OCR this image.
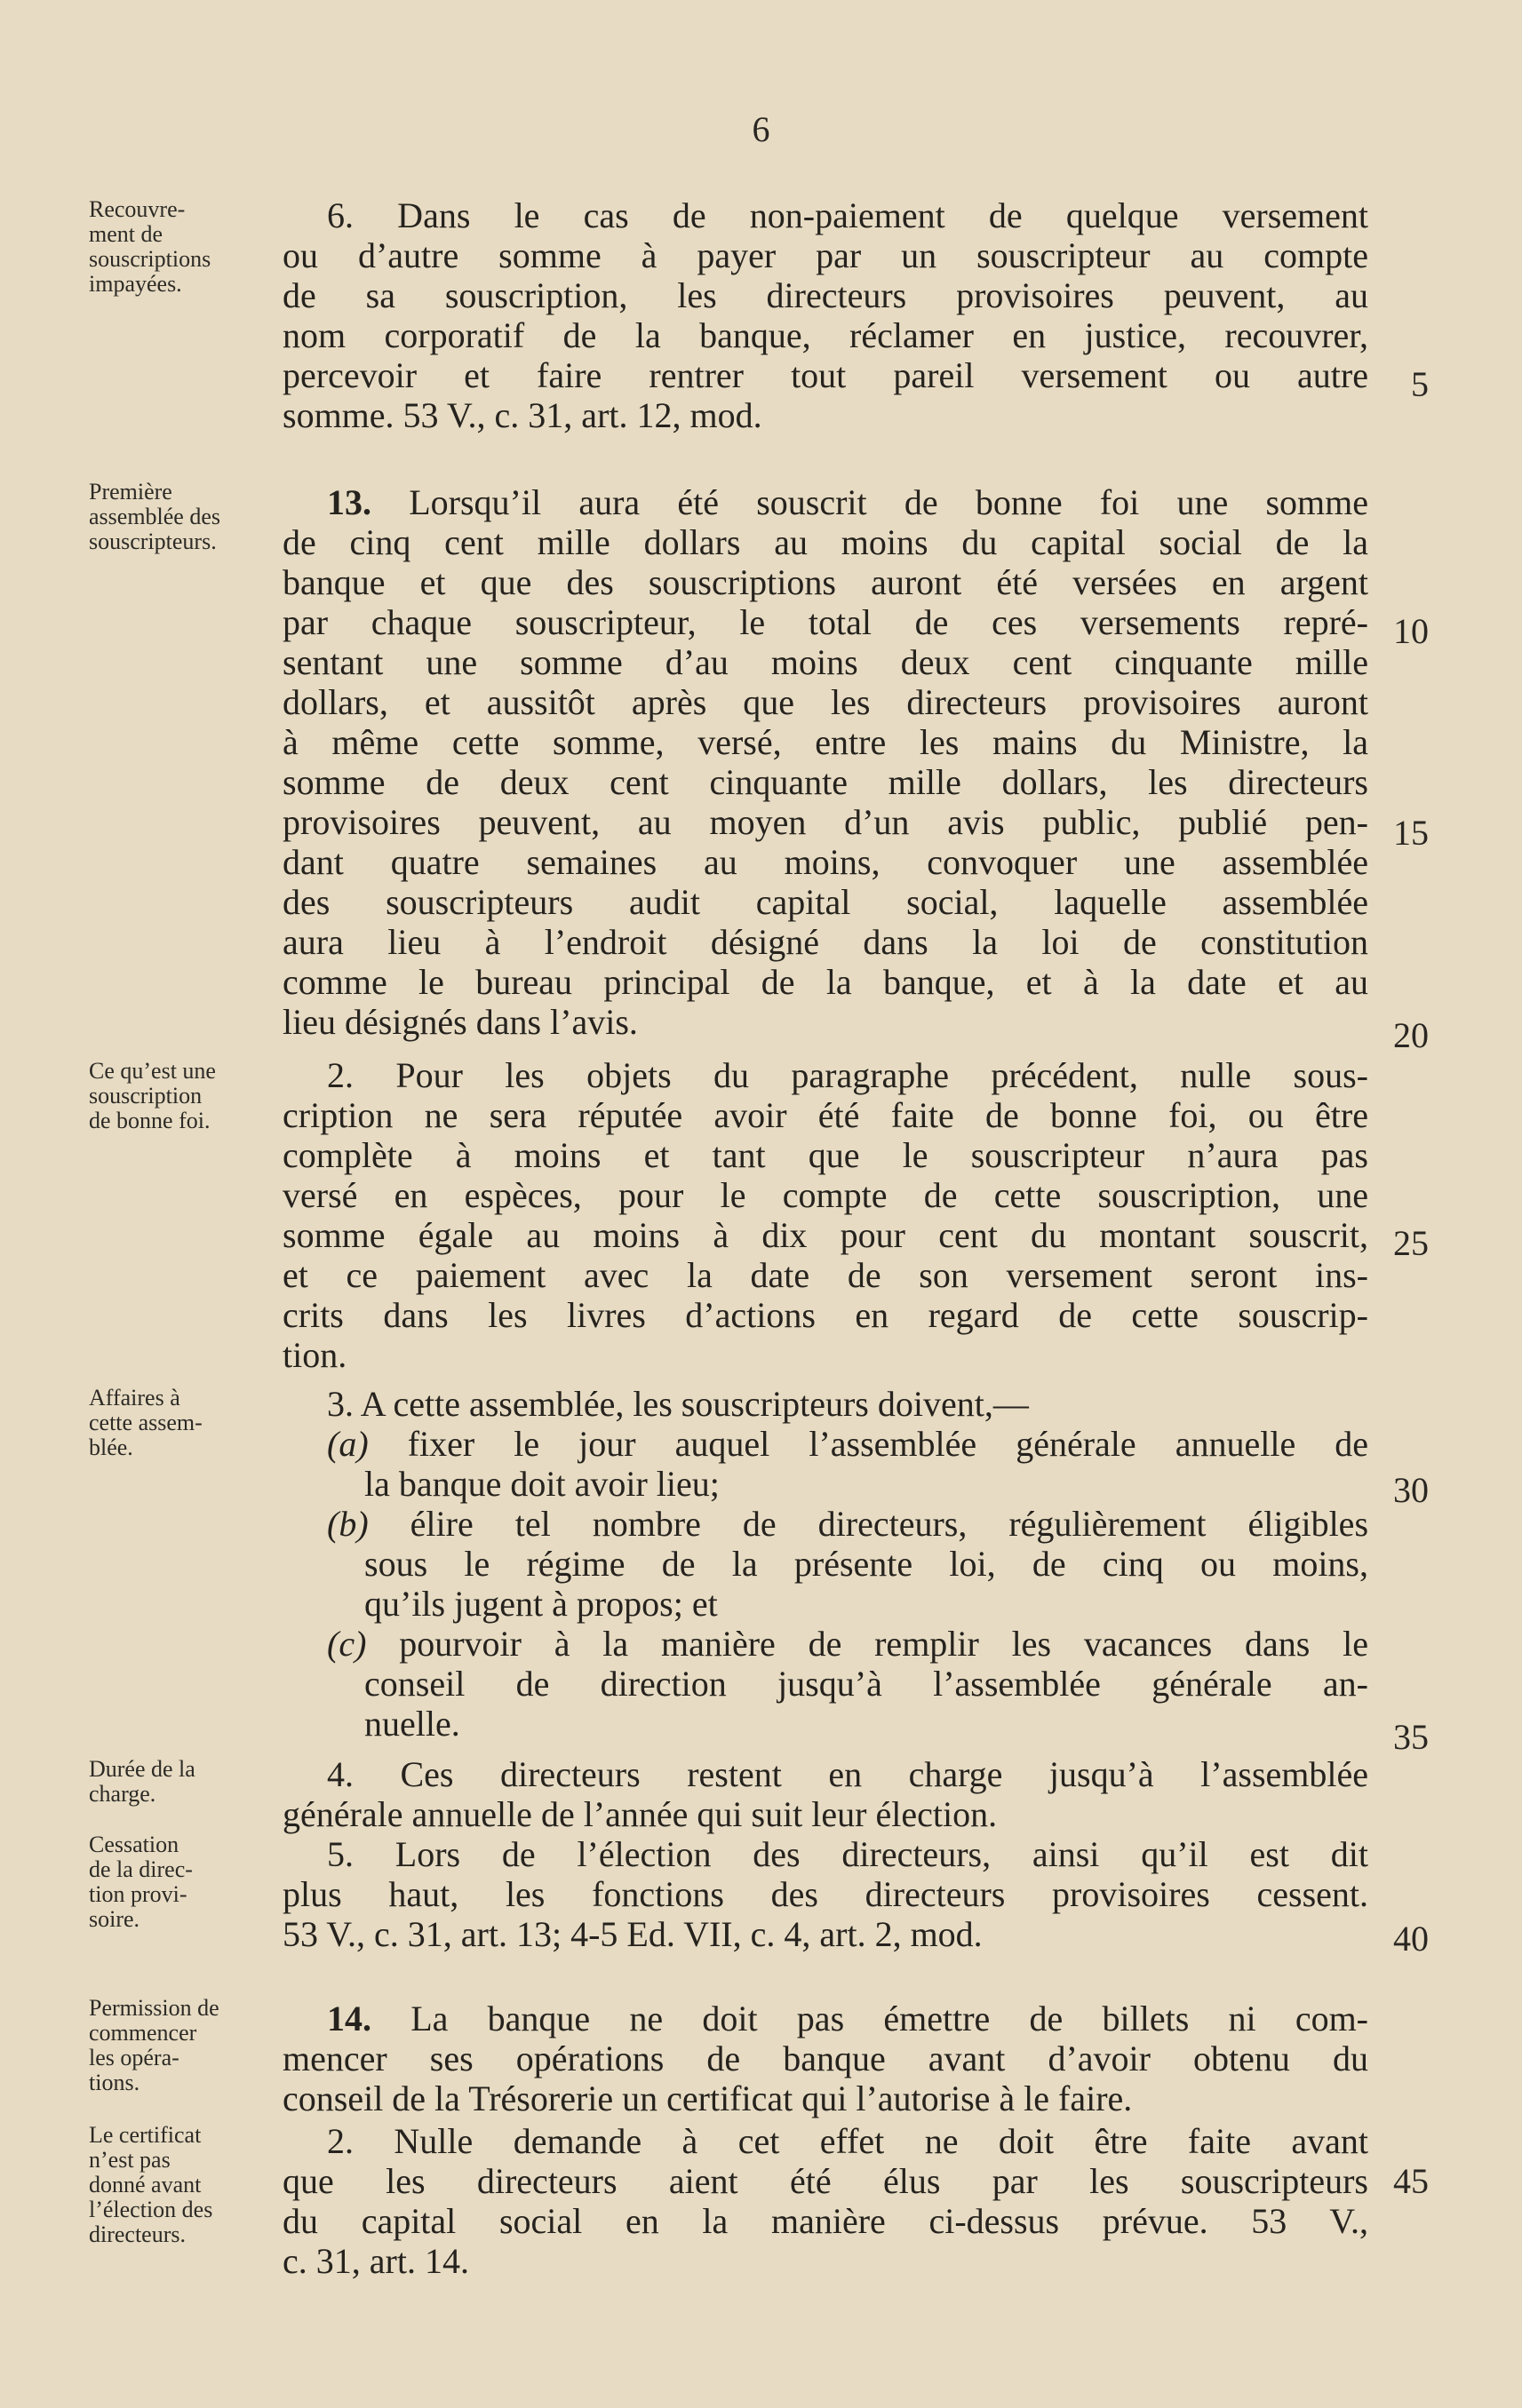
6
Recouvre-
ment de
souscriptions
impayées.
6. Dans le cas de non-paiement de quelque versement
ou d’autre somme à payer par un souscripteur au compte
de sa souscription, les directeurs provisoires peuvent, au
nom corporatif de la banque, réclamer en justice, recouvrer,
percevoir et faire rentrer tout pareil versement ou autre
somme. 53 V., c. 31, art. 12, mod.
5
Première
assemblée des
souscripteurs.
13. Lorsqu’il aura été souscrit de bonne foi une somme
de cinq cent mille dollars au moins du capital social de la
banque et que des souscriptions auront été versées en argent
par chaque souscripteur, le total de ces versements repré-
sentant une somme d’au moins deux cent cinquante mille
dollars, et aussitôt après que les directeurs provisoires auront
à même cette somme, versé, entre les mains du Ministre, la
somme de deux cent cinquante mille dollars, les directeurs
provisoires peuvent, au moyen d’un avis public, publié pen-
dant quatre semaines au moins, convoquer une assemblée
des souscripteurs audit capital social, laquelle assemblée
aura lieu à l’endroit désigné dans la loi de constitution
comme le bureau principal de la banque, et à la date et au
lieu désignés dans l’avis.
10
15
20
Ce qu’est une
souscription
de bonne foi.
2. Pour les objets du paragraphe précédent, nulle sous-
cription ne sera réputée avoir été faite de bonne foi, ou être
complète à moins et tant que le souscripteur n’aura pas
versé en espèces, pour le compte de cette souscription, une
somme égale au moins à dix pour cent du montant souscrit,
et ce paiement avec la date de son versement seront ins-
crits dans les livres d’actions en regard de cette souscrip-
tion.
25
Affaires à
cette assem-
blée.
3. A cette assemblée, les souscripteurs doivent,—
(a) fixer le jour auquel l’assemblée générale annuelle de
la banque doit avoir lieu;
(b) élire tel nombre de directeurs, régulièrement éligibles
sous le régime de la présente loi, de cinq ou moins,
qu’ils jugent à propos; et
(c) pourvoir à la manière de remplir les vacances dans le
conseil de direction jusqu’à l’assemblée générale an-
nuelle.
30
35
Durée de la
charge.	4. Ces directeurs restent en charge jusqu’à l’assemblée
générale annuelle de l’année qui suit leur élection.
Cessation
de la direc-
tion provi-
soire.
5. Lors de l’élection des directeurs, ainsi qu’il est dit
plus haut, les fonctions des directeurs provisoires cessent.
53 V., c. 31, art. 13; 4-5 Ed. VII, c. 4, art. 2, mod.	40
Permission de
commencer
les opéra-
tions.
14. La banque ne doit pas émettre de billets ni com-
mencer ses opérations de banque avant d’avoir obtenu du
conseil de la Trésorerie un certificat qui l’autorise à le faire.
Le certificat
n’est pas
donné avant
l’élection des
directeurs.
2. Nulle demande à cet effet ne doit être faite avant
que les directeurs aient été élus par les souscripteurs
du capital social en la manière ci-dessus prévue. 53 V.,
c. 31, art. 14.
45
